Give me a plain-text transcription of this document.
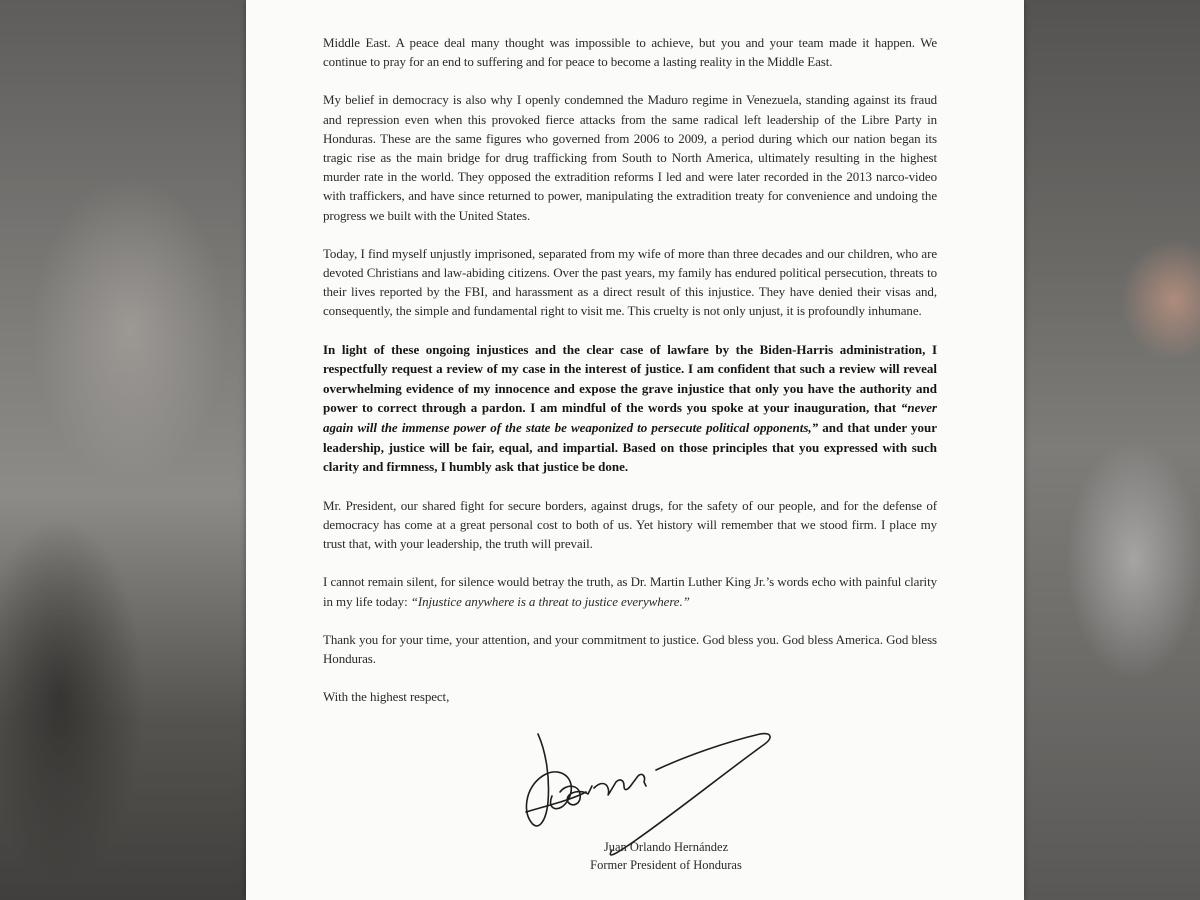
Middle East. A peace deal many thought was impossible to achieve, but you and your team made it happen. We continue to pray for an end to suffering and for peace to become a lasting reality in the Middle East.

My belief in democracy is also why I openly condemned the Maduro regime in Venezuela, standing against its fraud and repression even when this provoked fierce attacks from the same radical left leadership of the Libre Party in Honduras. These are the same figures who governed from 2006 to 2009, a period during which our nation began its tragic rise as the main bridge for drug trafficking from South to North America, ultimately resulting in the highest murder rate in the world. They opposed the extradition reforms I led and were later recorded in the 2013 narco-video with traffickers, and have since returned to power, manipulating the extradition treaty for convenience and undoing the progress we built with the United States.

Today, I find myself unjustly imprisoned, separated from my wife of more than three decades and our children, who are devoted Christians and law-abiding citizens. Over the past years, my family has endured political persecution, threats to their lives reported by the FBI, and harassment as a direct result of this injustice. They have denied their visas and, consequently, the simple and fundamental right to visit me. This cruelty is not only unjust, it is profoundly inhumane.

In light of these ongoing injustices and the clear case of lawfare by the Biden-Harris administration, I respectfully request a review of my case in the interest of justice. I am confident that such a review will reveal overwhelming evidence of my innocence and expose the grave injustice that only you have the authority and power to correct through a pardon. I am mindful of the words you spoke at your inauguration, that “never again will the immense power of the state be weaponized to persecute political opponents,” and that under your leadership, justice will be fair, equal, and impartial. Based on those principles that you expressed with such clarity and firmness, I humbly ask that justice be done.

Mr. President, our shared fight for secure borders, against drugs, for the safety of our people, and for the defense of democracy has come at a great personal cost to both of us. Yet history will remember that we stood firm. I place my trust that, with your leadership, the truth will prevail.

I cannot remain silent, for silence would betray the truth, as Dr. Martin Luther King Jr.’s words echo with painful clarity in my life today: “Injustice anywhere is a threat to justice everywhere.”

Thank you for your time, your attention, and your commitment to justice. God bless you. God bless America. God bless Honduras.

With the highest respect,

Juan Orlando Hernández
Former President of Honduras
